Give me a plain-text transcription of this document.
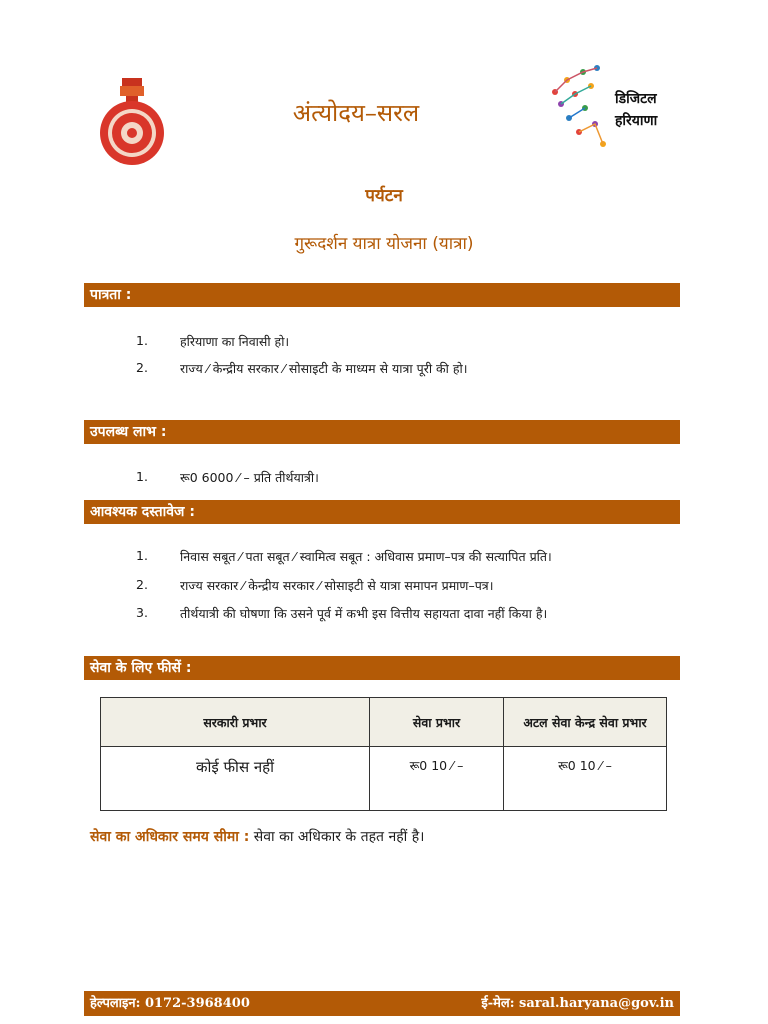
अंत्योदय–सरल	डिजिटल
हरियाणा
पर्यटन
गुरूदर्शन यात्रा योजना (यात्रा)
पात्रता :
1.	हरियाणा का निवासी हो।
2.	राज्य ⁄ केन्द्रीय सरकार ⁄ सोसाइटी के माध्यम से यात्रा पूरी की हो।
उपलब्ध लाभ :
1.	रू0 6000 ⁄ – प्रति तीर्थयात्री।
आवश्यक दस्तावेज :
1.	निवास सबूत ⁄ पता सबूत ⁄ स्वामित्व सबूत : अधिवास प्रमाण–पत्र की सत्यापित प्रति।
2.	राज्य सरकार ⁄ केन्द्रीय सरकार ⁄ सोसाइटी से यात्रा समापन प्रमाण–पत्र।
3.	तीर्थयात्री की घोषणा कि उसने पूर्व में कभी इस वित्तीय सहायता दावा नहीं किया है।
सेवा के लिए फीसें :
सरकारी प्रभार	सेवा प्रभार	अटल सेवा केन्द्र सेवा प्रभार
कोई फीस नहीं	रू0 10 ⁄ –	रू0 10 ⁄ –
सेवा का अधिकार समय सीमा : सेवा का अधिकार के तहत नहीं है।
हेल्पलाइन: 0172-3968400	ई-मेल: saral.haryana@gov.in
